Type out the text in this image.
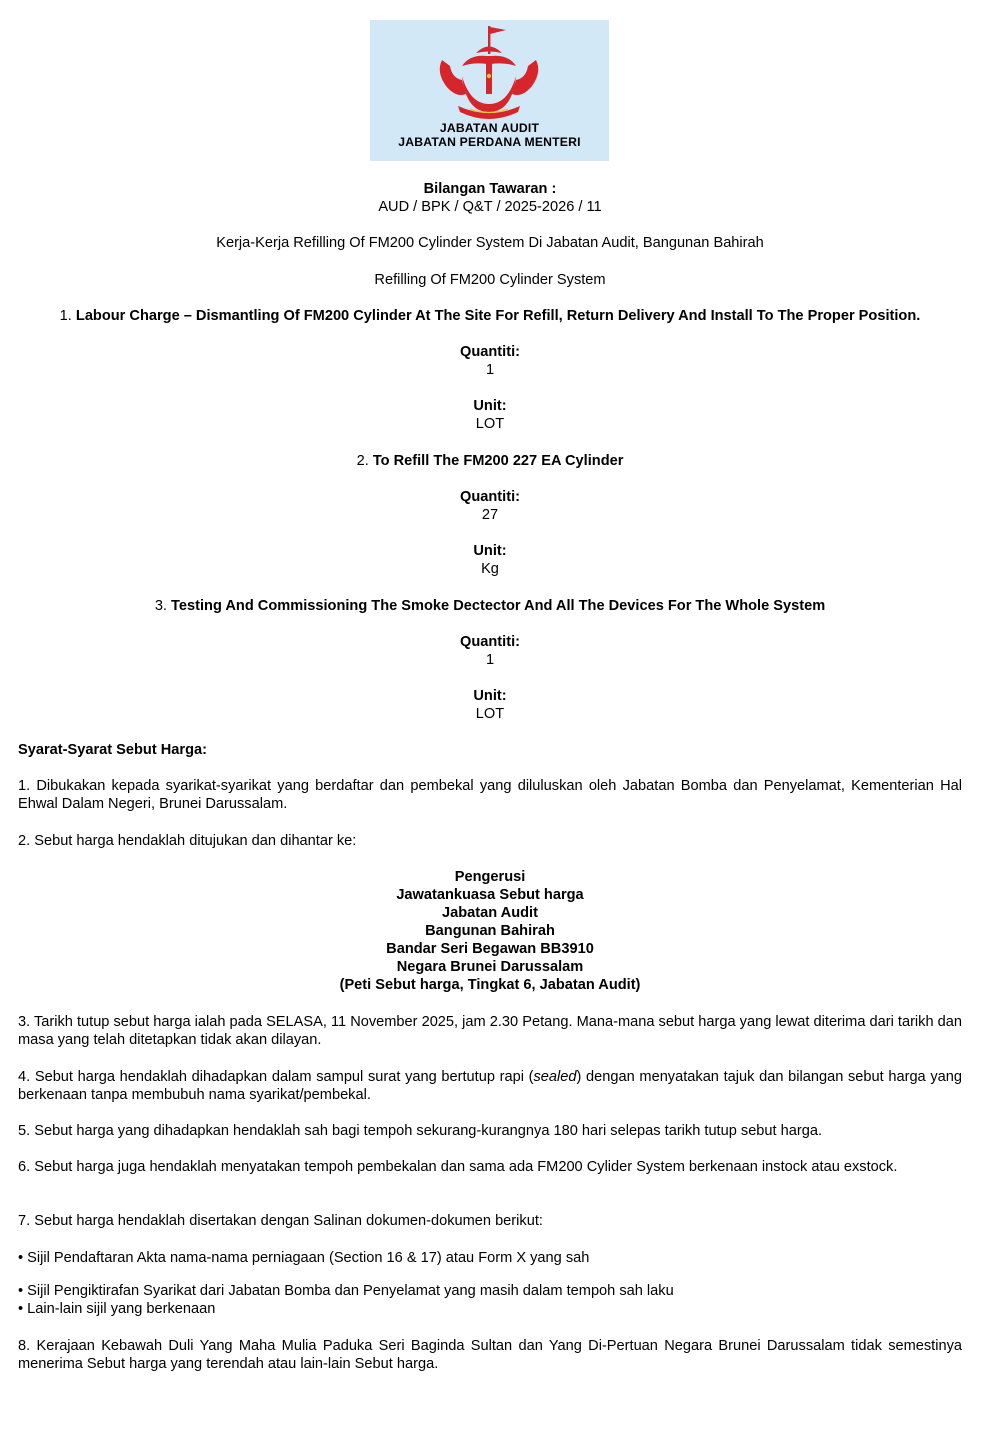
JABATAN AUDIT
JABATAN PERDANA MENTERI
Bilangan Tawaran :
AUD / BPK / Q&T / 2025-2026 / 11
Kerja-Kerja Refilling Of FM200 Cylinder System Di Jabatan Audit, Bangunan Bahirah
Refilling Of FM200 Cylinder System
1. Labour Charge – Dismantling Of FM200 Cylinder At The Site For Refill, Return Delivery And Install To The Proper Position.
Quantiti:
1
Unit:
LOT
2. To Refill The FM200 227 EA Cylinder
Quantiti:
27
Unit:
Kg
3. Testing And Commissioning The Smoke Dectector And All The Devices For The Whole System
Quantiti:
1
Unit:
LOT
Syarat-Syarat Sebut Harga:
1. Dibukakan kepada syarikat-syarikat yang berdaftar dan pembekal yang diluluskan oleh Jabatan Bomba dan Penyelamat, Kementerian Hal Ehwal Dalam Negeri, Brunei Darussalam.
2. Sebut harga hendaklah ditujukan dan dihantar ke:
Pengerusi
Jawatankuasa Sebut harga
Jabatan Audit
Bangunan Bahirah
Bandar Seri Begawan BB3910
Negara Brunei Darussalam
(Peti Sebut harga, Tingkat 6, Jabatan Audit)
3. Tarikh tutup sebut harga ialah pada SELASA, 11 November 2025, jam 2.30 Petang. Mana-mana sebut harga yang lewat diterima dari tarikh dan masa yang telah ditetapkan tidak akan dilayan.
4. Sebut harga hendaklah dihadapkan dalam sampul surat yang bertutup rapi (sealed) dengan menyatakan tajuk dan bilangan sebut harga yang berkenaan tanpa membubuh nama syarikat/pembekal.
5. Sebut harga yang dihadapkan hendaklah sah bagi tempoh sekurang-kurangnya 180 hari selepas tarikh tutup sebut harga.
6. Sebut harga juga hendaklah menyatakan tempoh pembekalan dan sama ada FM200 Cylider System berkenaan instock atau exstock.
7. Sebut harga hendaklah disertakan dengan Salinan dokumen-dokumen berikut:
• Sijil Pendaftaran Akta nama-nama perniagaan (Section 16 & 17) atau Form X yang sah
• Sijil Pengiktirafan Syarikat dari Jabatan Bomba dan Penyelamat yang masih dalam tempoh sah laku
• Lain-lain sijil yang berkenaan
8. Kerajaan Kebawah Duli Yang Maha Mulia Paduka Seri Baginda Sultan dan Yang Di-Pertuan Negara Brunei Darussalam tidak semestinya menerima Sebut harga yang terendah atau lain-lain Sebut harga.
